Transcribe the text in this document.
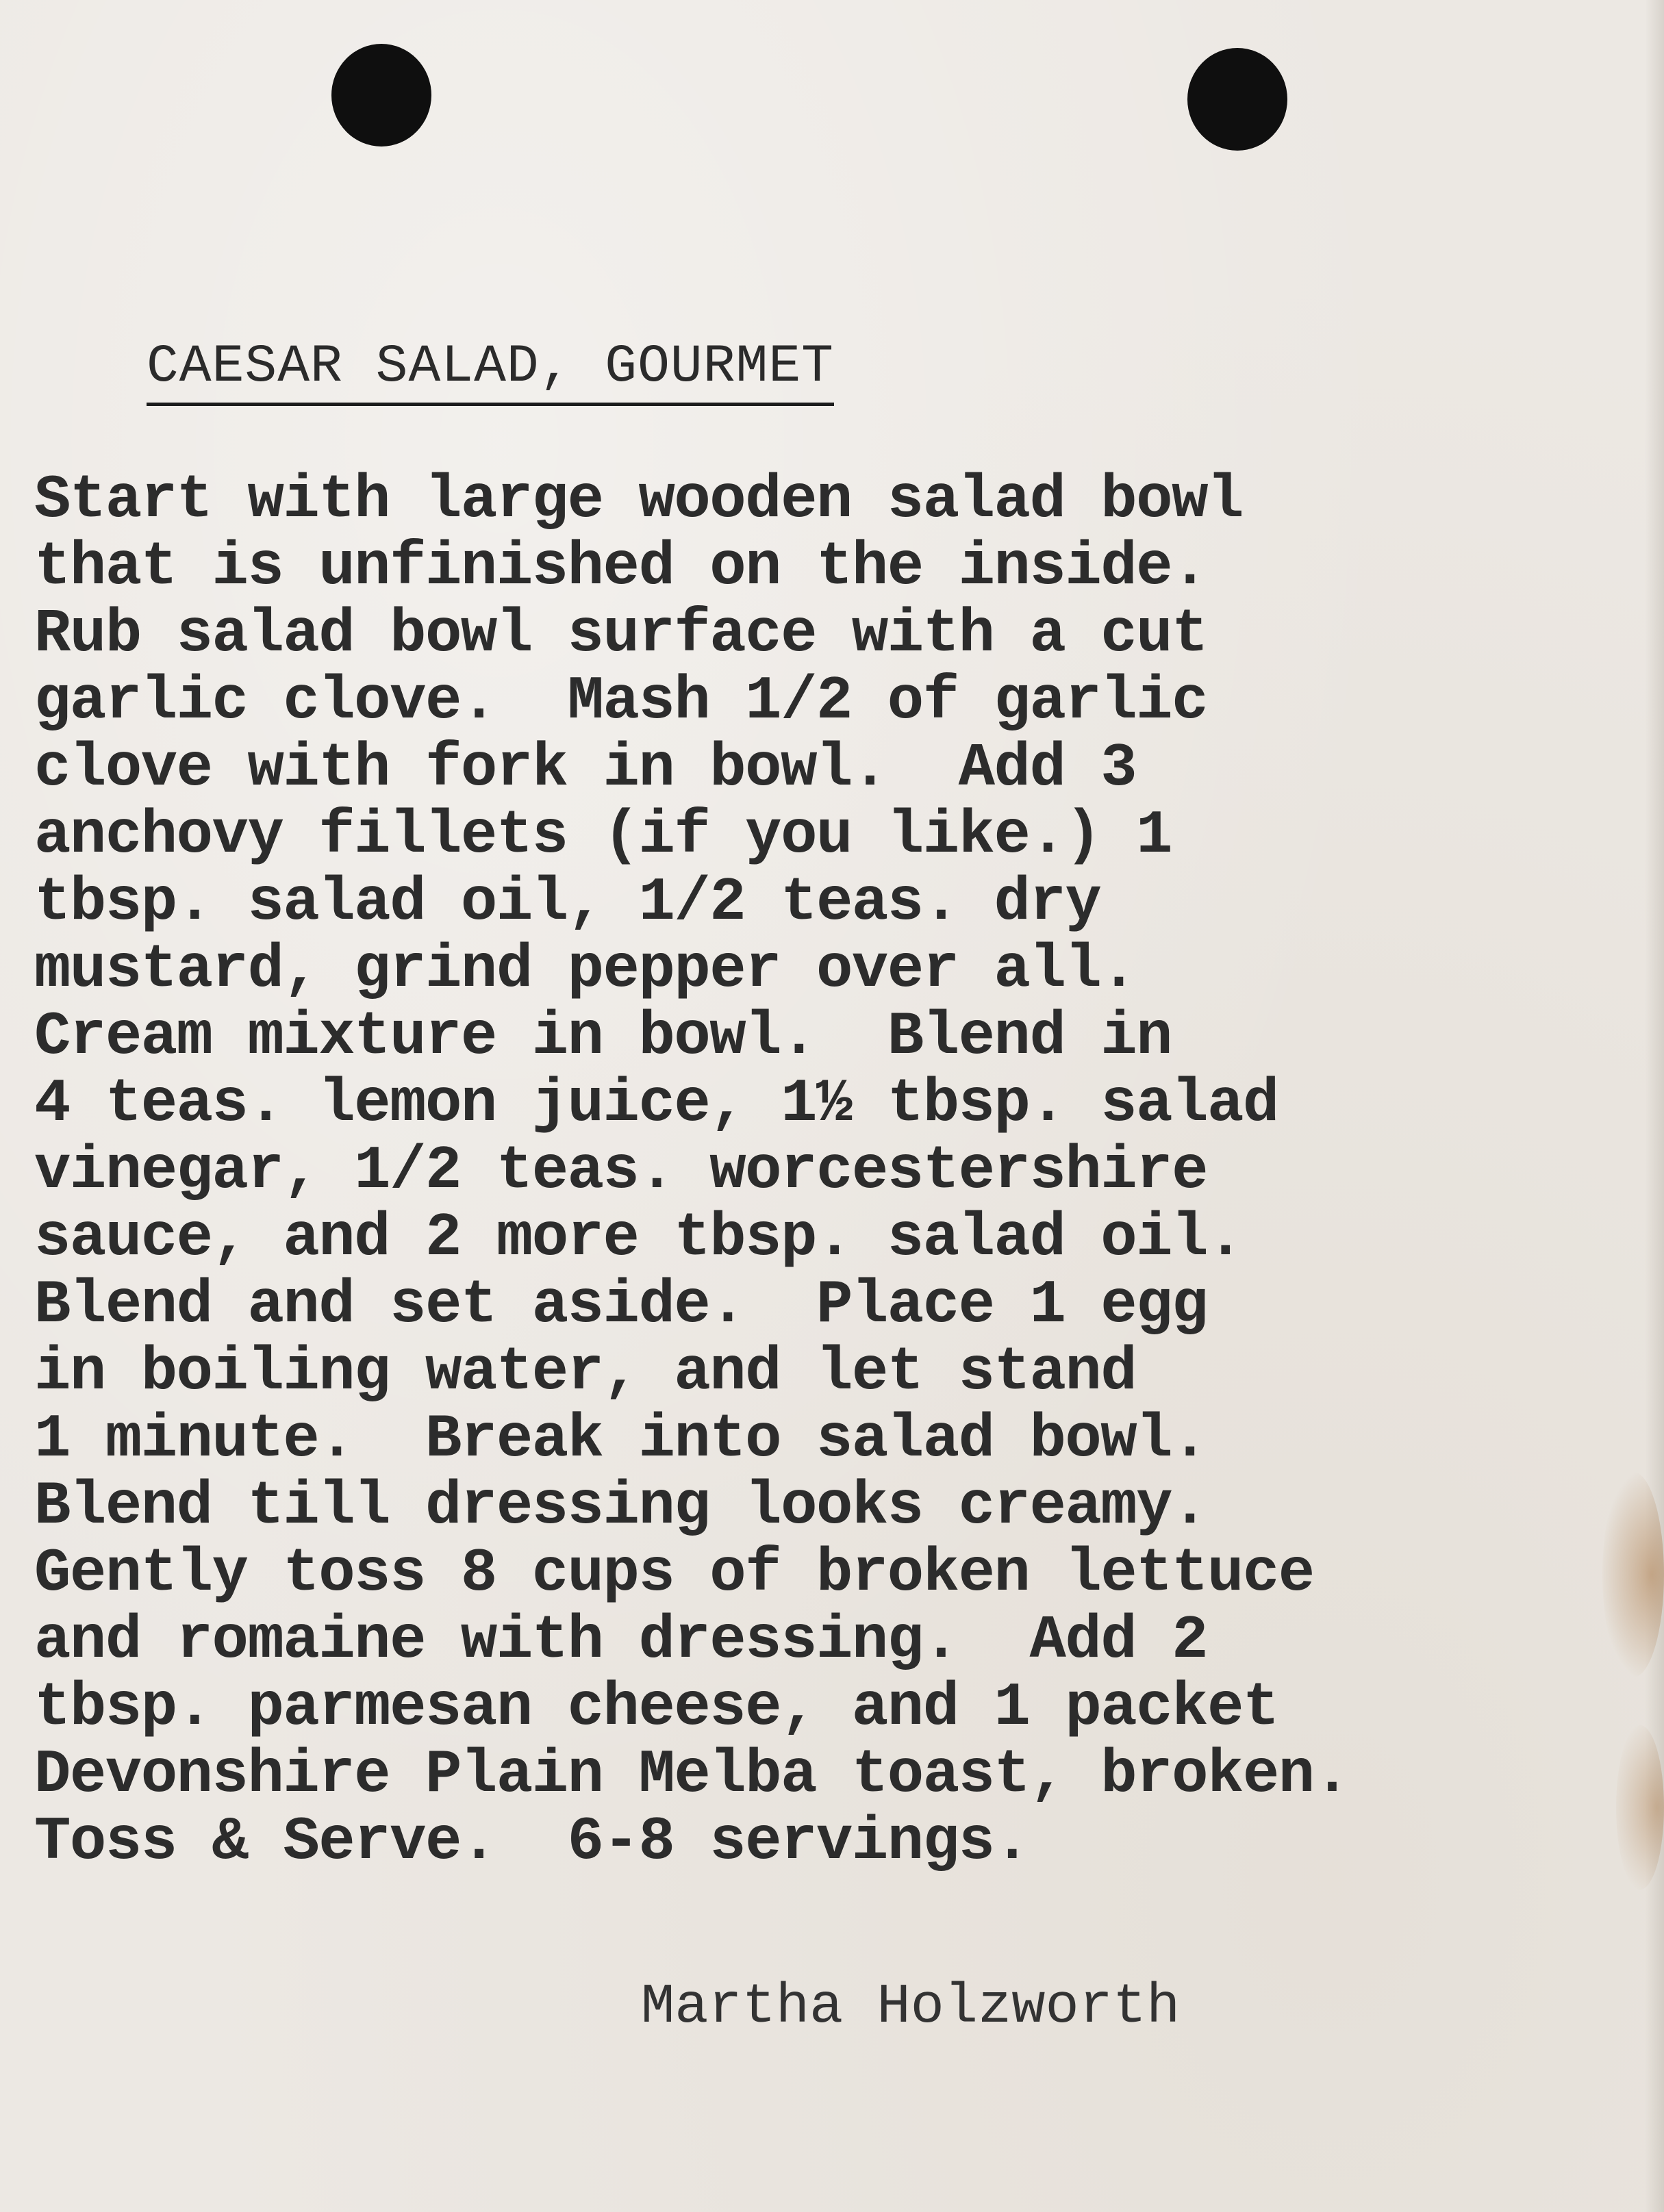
CAESAR SALAD, GOURMET
Start with large wooden salad bowl
that is unfinished on the inside.
Rub salad bowl surface with a cut
garlic clove.  Mash 1/2 of garlic
clove with fork in bowl.  Add 3
anchovy fillets (if you like.) 1
tbsp. salad oil, 1/2 teas. dry
mustard, grind pepper over all.
Cream mixture in bowl.  Blend in
4 teas. lemon juice, 1½ tbsp. salad
vinegar, 1/2 teas. worcestershire
sauce, and 2 more tbsp. salad oil.
Blend and set aside.  Place 1 egg
in boiling water, and let stand
1 minute.  Break into salad bowl.
Blend till dressing looks creamy.
Gently toss 8 cups of broken lettuce
and romaine with dressing.  Add 2
tbsp. parmesan cheese, and 1 packet
Devonshire Plain Melba toast, broken.
Toss & Serve.  6-8 servings.

Martha Holzworth
